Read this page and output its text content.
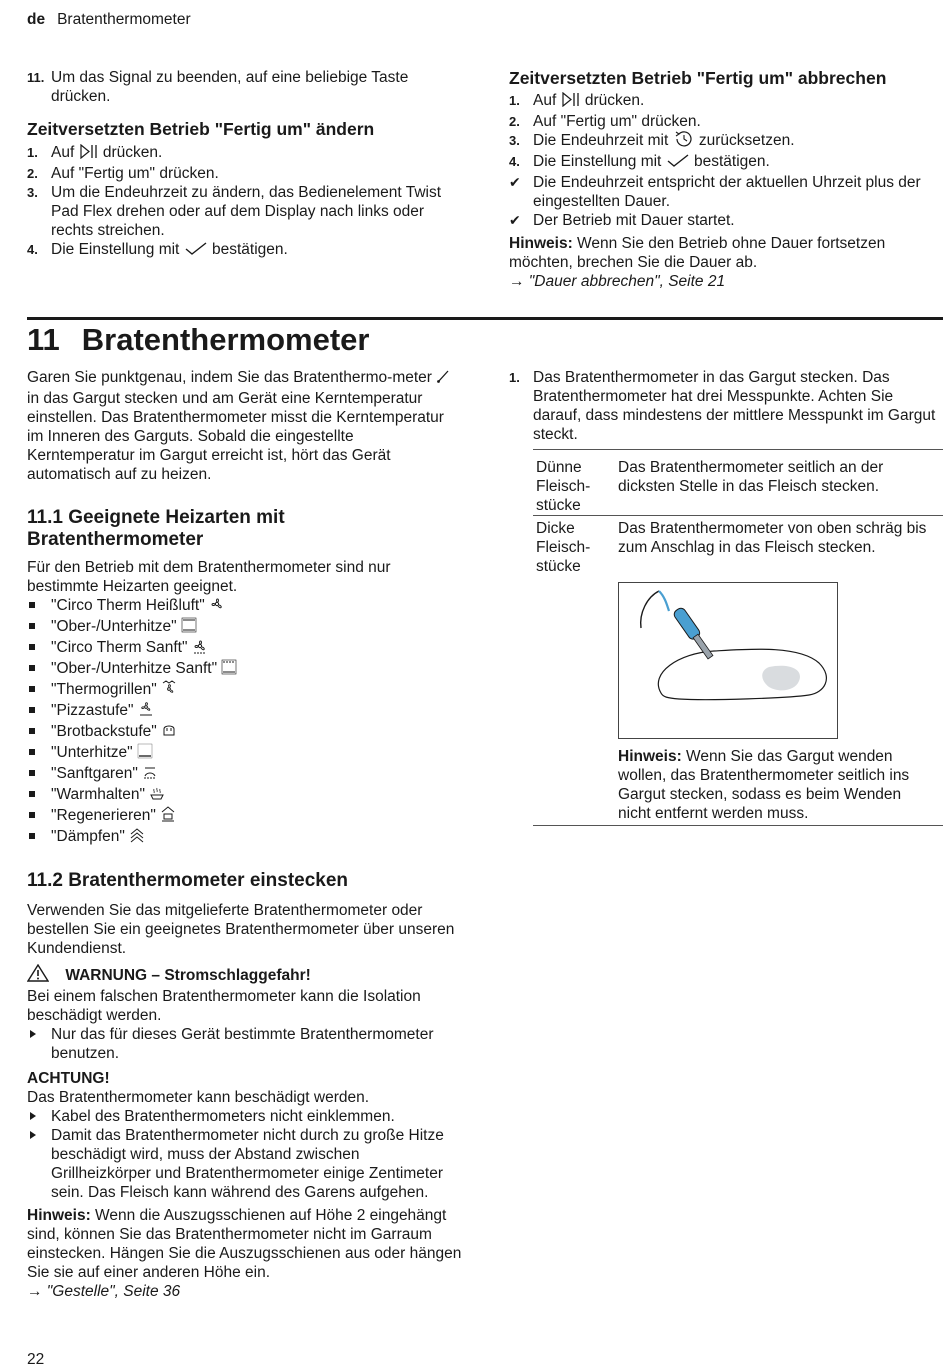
de Bratenthermometer
11. Um das Signal zu beenden, auf eine beliebige Taste drücken.
Zeitversetzten Betrieb "Fertig um" ändern
1. Auf  drücken.
2. Auf "Fertig um" drücken.
3. Um die Endeuhrzeit zu ändern, das Bedienelement Twist Pad Flex drehen oder auf dem Display nach links oder rechts streichen.
4. Die Einstellung mit  bestätigen.
Zeitversetzten Betrieb "Fertig um" abbrechen
1. Auf  drücken.
2. Auf "Fertig um" drücken.
3. Die Endeuhrzeit mit  zurücksetzen.
4. Die Einstellung mit  bestätigen.
✔ Die Endeuhrzeit entspricht der aktuellen Uhrzeit plus der eingestellten Dauer.
✔ Der Betrieb mit Dauer startet.
Hinweis: Wenn Sie den Betrieb ohne Dauer fortsetzen möchten, brechen Sie die Dauer ab.
→ "Dauer abbrechen", Seite 21
11 Bratenthermometer

Garen Sie punktgenau, indem Sie das Bratenthermo-meter  in das Gargut stecken und am Gerät eine Kerntemperatur einstellen. Das Bratenthermometer misst die Kerntemperatur im Inneren des Garguts. Sobald die eingestellte Kerntemperatur im Gargut erreicht ist, hört das Gerät automatisch auf zu heizen.

11.1 Geeignete Heizarten mit Bratenthermometer

Für den Betrieb mit dem Bratenthermometer sind nur bestimmte Heizarten geeignet.

"Circo Therm Heißluft"
"Ober-/Unterhitze"
"Circo Therm Sanft"
"Ober-/Unterhitze Sanft"
"Thermogrillen"
"Pizzastufe"
"Brotbackstufe"
"Unterhitze"
"Sanftgaren"
"Warmhalten"
"Regenerieren"
"Dämpfen"
11.2 Bratenthermometer einstecken

Verwenden Sie das mitgelieferte Bratenthermometer oder bestellen Sie ein geeignetes Bratenthermometer über unseren Kundendienst.

WARNUNG – Stromschlaggefahr!
Bei einem falschen Bratenthermometer kann die Isolation beschädigt werden.
Nur das für dieses Gerät bestimmte Bratenthermometer benutzen.
ACHTUNG!
Das Bratenthermometer kann beschädigt werden.
Kabel des Bratenthermometers nicht einklemmen.
Damit das Bratenthermometer nicht durch zu große Hitze beschädigt wird, muss der Abstand zwischen Grillheizkörper und Bratenthermometer einige Zentimeter sein. Das Fleisch kann während des Garens aufgehen.
Hinweis: Wenn die Auszugsschienen auf Höhe 2 eingehängt sind, können Sie das Bratenthermometer nicht im Garraum einstecken. Hängen Sie die Auszugsschienen aus oder hängen Sie sie auf einer anderen Höhe ein.
→ "Gestelle", Seite 36
1. Das Bratenthermometer in das Gargut stecken. Das Bratenthermometer hat drei Messpunkte. Achten Sie darauf, dass mindestens der mittlere Messpunkt im Gargut steckt.
Dünne Fleisch-stücke
Das Bratenthermometer seitlich an der dicksten Stelle in das Fleisch stecken.
Dicke Fleisch-stücke
Das Bratenthermometer von oben schräg bis zum Anschlag in das Fleisch stecken.
Hinweis: Wenn Sie das Gargut wenden wollen, das Bratenthermometer seitlich ins Gargut stecken, sodass es beim Wenden nicht entfernt werden muss.
22
